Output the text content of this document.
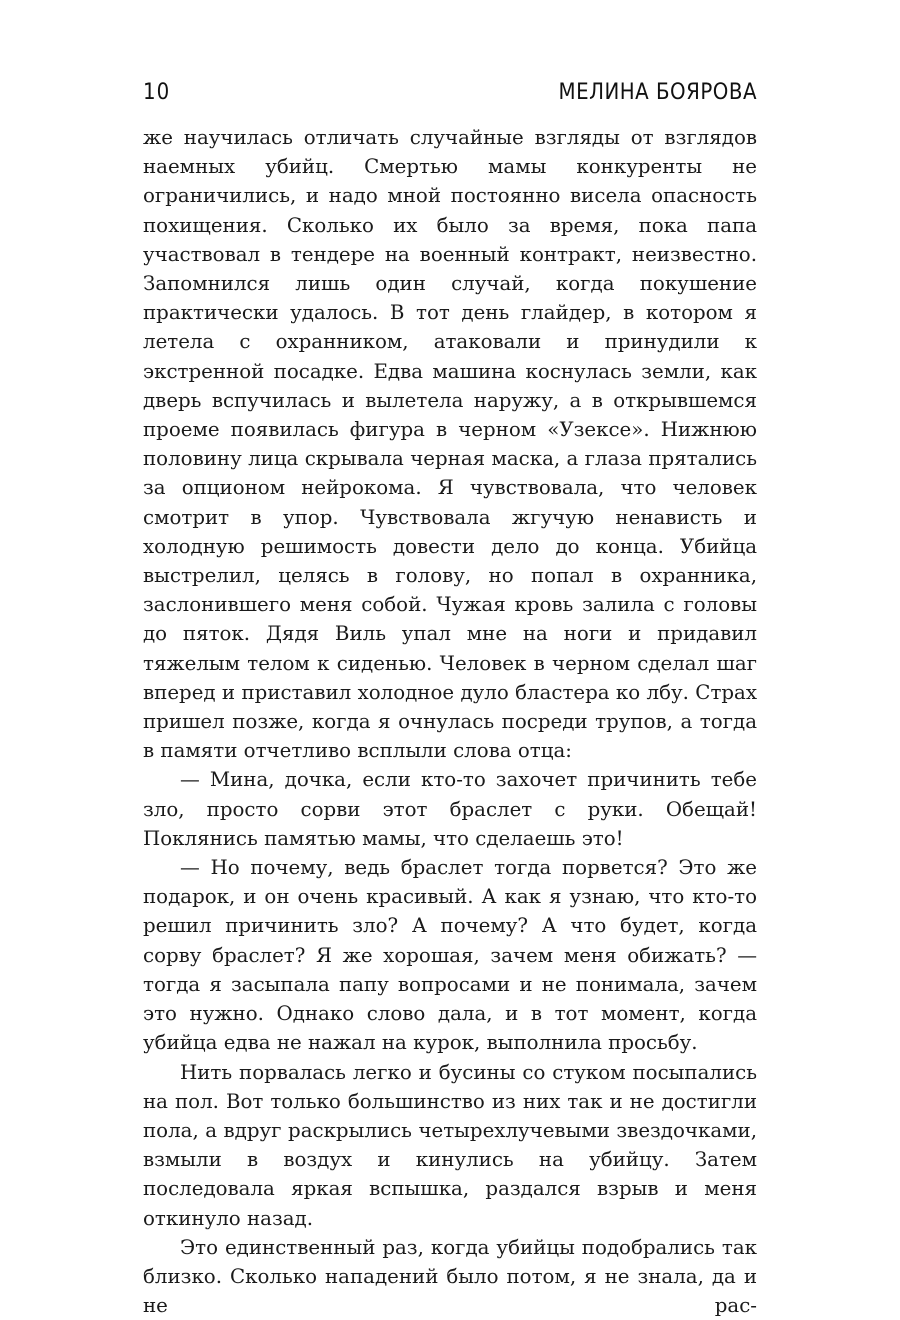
10	МЕЛИНА БОЯРОВА

же научилась отличать случайные взгляды от взглядов наемных убийц. Смертью мамы конкуренты не ограничились, и надо мной постоянно висела опасность похищения. Сколько их было за время, пока папа участвовал в тендере на военный контракт, неизвестно. Запомнился лишь один случай, когда покушение практически удалось. В тот день глайдер, в котором я летела с охранником, атаковали и принудили к экстренной посадке. Едва машина коснулась земли, как дверь вспучилась и вылетела наружу, а в открывшемся проеме появилась фигура в черном «Узексе». Нижнюю половину лица скрывала черная маска, а глаза прятались за опционом нейрокома. Я чувствовала, что человек смотрит в упор. Чувствовала жгучую ненависть и холодную решимость довести дело до конца. Убийца выстрелил, целясь в голову, но попал в охранника, заслонившего меня собой. Чужая кровь залила с головы до пяток. Дядя Виль упал мне на ноги и придавил тяжелым телом к сиденью. Человек в черном сделал шаг вперед и приставил холодное дуло бластера ко лбу. Страх пришел позже, когда я очнулась посреди трупов, а тогда в памяти отчетливо всплыли слова отца:

— Мина, дочка, если кто-то захочет причинить тебе зло, просто сорви этот браслет с руки. Обещай! Поклянись памятью мамы, что сделаешь это!

— Но почему, ведь браслет тогда порвется? Это же подарок, и он очень красивый. А как я узнаю, что кто-то решил причинить зло? А почему? А что будет, когда сорву браслет? Я же хорошая, зачем меня обижать? — тогда я засыпала папу вопросами и не понимала, зачем это нужно. Однако слово дала, и в тот момент, когда убийца едва не нажал на курок, выполнила просьбу.

Нить порвалась легко и бусины со стуком посыпались на пол. Вот только большинство из них так и не достигли пола, а вдруг раскрылись четырехлучевыми звездочками, взмыли в воздух и кинулись на убийцу. Затем последовала яркая вспышка, раздался взрыв и меня откинуло назад.

Это единственный раз, когда убийцы подобрались так близко. Сколько нападений было потом, я не знала, да и не рас-
